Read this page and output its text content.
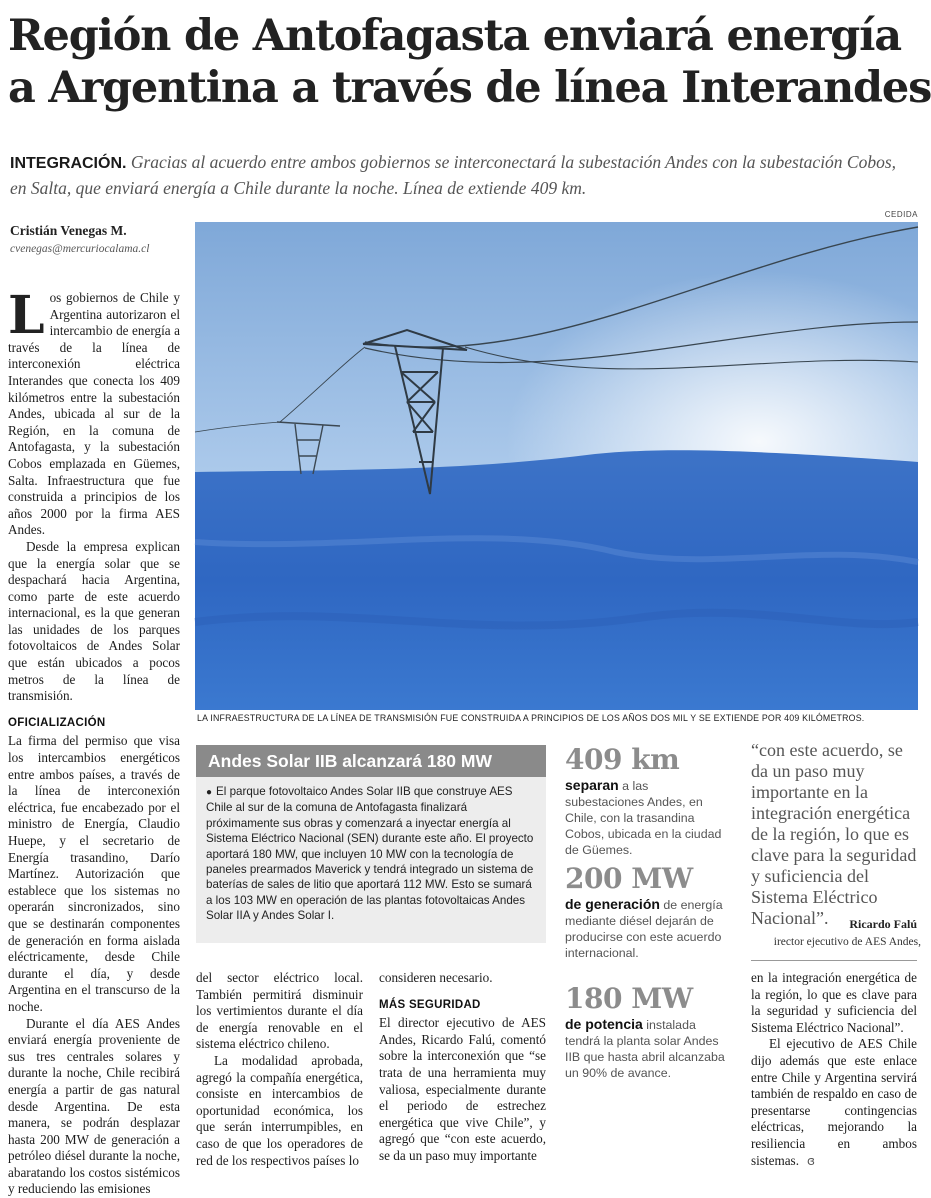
Región de Antofagasta enviará energía
a Argentina a través de línea Interandes
INTEGRACIÓN. Gracias al acuerdo entre ambos gobiernos se interconectará la subestación Andes con la subestación Cobos, en Salta, que enviará energía a Chile durante la noche. Línea de extiende 409 km.
Cristián Venegas M.
cvenegas@mercuriocalama.cl
CEDIDA
LA INFRAESTRUCTURA DE LA LÍNEA DE TRANSMISIÓN FUE CONSTRUIDA A PRINCIPIOS DE LOS AÑOS DOS MIL Y SE EXTIENDE POR 409 KILÓMETROS.

Los gobiernos de Chile y Argentina autorizaron el intercambio de energía a través de la línea de interconexión eléctrica Interandes que conecta los 409 kilómetros entre la subestación Andes, ubicada al sur de la Región, en la comuna de Antofagasta, y la subestación Cobos emplazada en Güemes, Salta. Infraestructura que fue construida a principios de los años 2000 por la firma AES Andes.

Desde la empresa explican que la energía solar que se despachará hacia Argentina, como parte de este acuerdo internacional, es la que generan las unidades de los parques fotovoltaicos de Andes Solar que están ubicados a pocos metros de la línea de transmisión.

OFICIALIZACIÓN

La firma del permiso que visa los intercambios energéticos entre ambos países, a través de la línea de interconexión eléctrica, fue encabezado por el ministro de Energía, Claudio Huepe, y el secretario de Energía trasandino, Darío Martínez. Autorización que establece que los sistemas no operarán sincronizados, sino que se destinarán componentes de generación en forma aislada eléctricamente, desde Chile durante el día, y desde Argentina en el transcurso de la noche.

Durante el día AES Andes enviará energía proveniente de sus tres centrales solares y durante la noche, Chile recibirá energía a partir de gas natural desde Argentina. De esta manera, se podrán desplazar hasta 200 MW de generación a petróleo diésel durante la noche, abaratando los costos sistémicos y reduciendo las emisiones

Andes Solar IIB alcanzará 180 MW
● El parque fotovoltaico Andes Solar IIB que construye AES Chile al sur de la comuna de Antofagasta finalizará próximamente sus obras y comenzará a inyectar energía al Sistema Eléctrico Nacional (SEN) durante este año. El proyecto aportará 180 MW, que incluyen 10 MW con la tecnología de paneles prearmados Maverick y tendrá integrado un sistema de baterías de sales de litio que aportará 112 MW. Esto se sumará a los 103 MW en operación de las plantas fotovoltaicas Andes Solar IIA y Andes Solar I.

del sector eléctrico local. También permitirá disminuir los vertimientos durante el día de energía renovable en el sistema eléctrico chileno.

La modalidad aprobada, agregó la compañía energética, consiste en intercambios de oportunidad económica, los que serán interrumpibles, en caso de que los operadores de red de los respectivos países lo

consideren necesario.

MÁS SEGURIDAD

El director ejecutivo de AES Andes, Ricardo Falú, comentó sobre la interconexión que “se trata de una herramienta muy valiosa, especialmente durante el periodo de estrechez energética que vive Chile”, y agregó que “con este acuerdo, se da un paso muy importante

409 km
separan a las subestaciones Andes, en Chile, con la trasandina Cobos, ubicada en la ciudad de Güemes.
200 MW
de generación de energía mediante diésel dejarán de producirse con este acuerdo internacional.
180 MW
de potencia instalada tendrá la planta solar Andes IIB que hasta abril alcanzaba un 90% de avance.
“con este acuerdo, se da un paso muy importante en la integración energética de la región, lo que es clave para la seguridad y suficiencia del Sistema Eléctrico Nacional”.	Ricardo Falú
irector ejecutivo de AES Andes,

en la integración energética de la región, lo que es clave para la seguridad y suficiencia del Sistema Eléctrico Nacional”.

El ejecutivo de AES Chile dijo además que este enlace entre Chile y Argentina servirá también de respaldo en caso de presentarse contingencias eléctricas, mejorando la resiliencia en ambos sistemas. ɞ
